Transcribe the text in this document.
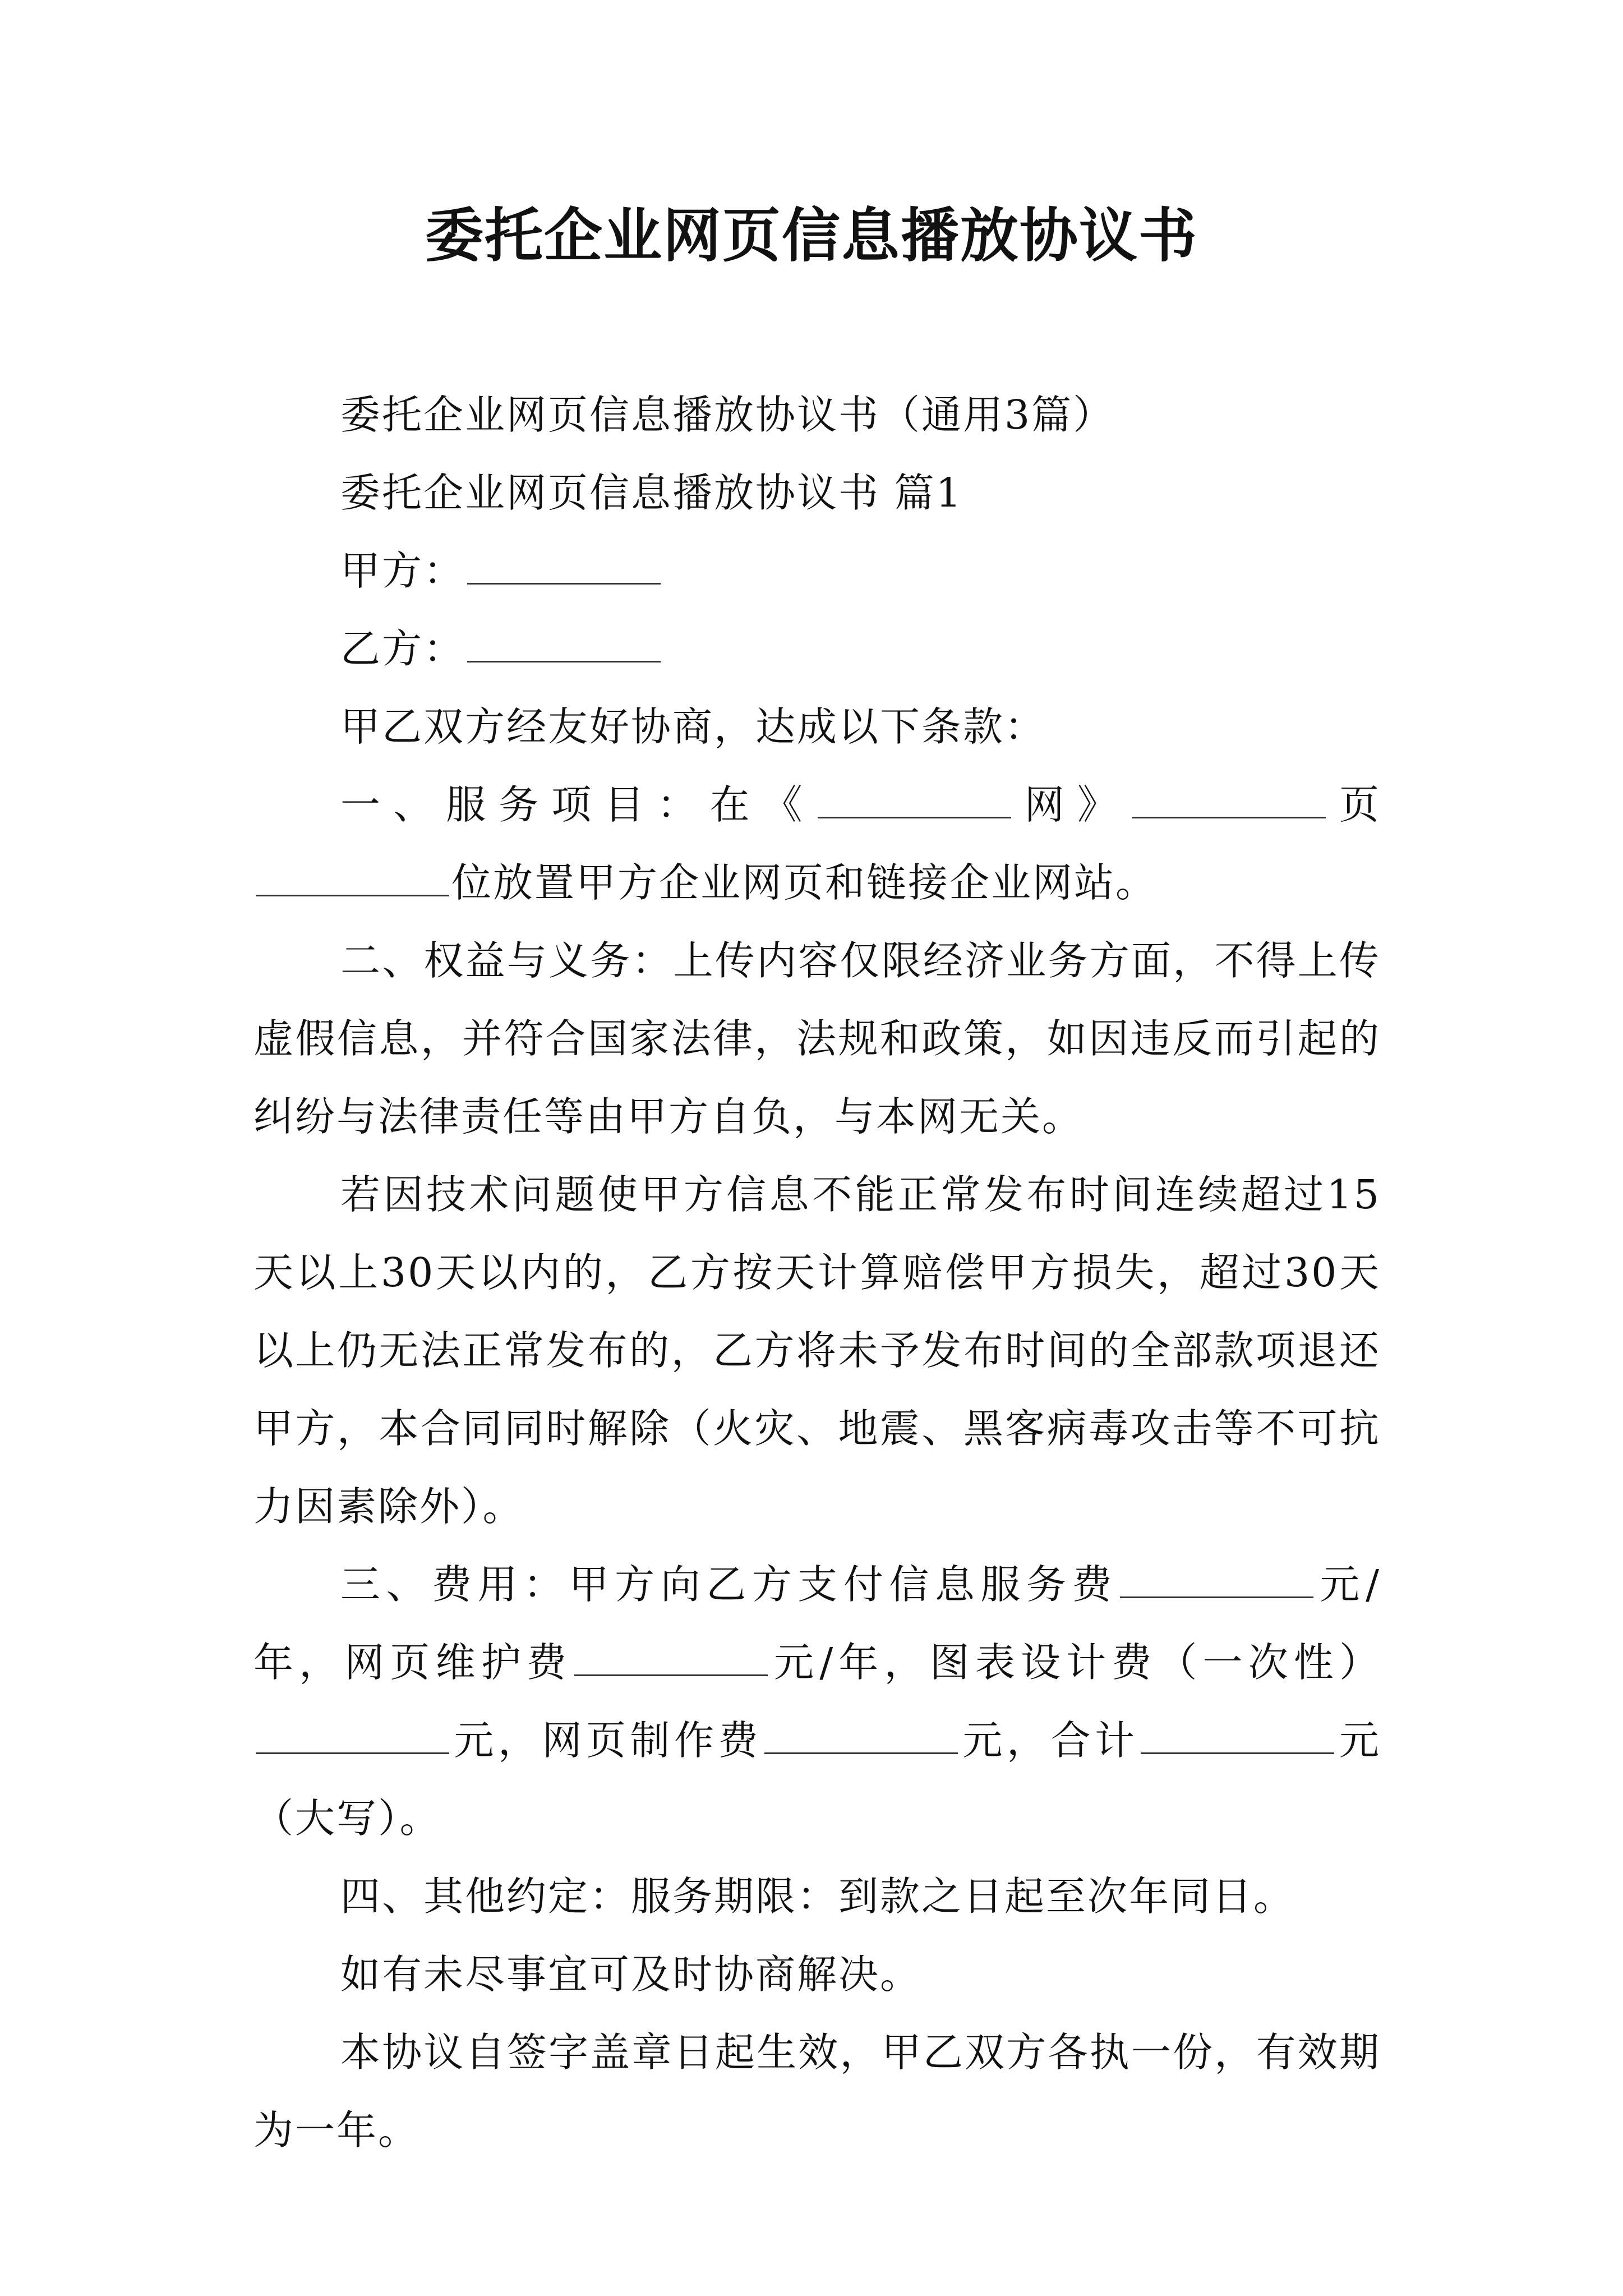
委托企业网页信息播放协议书

委托企业网页信息播放协议书（通用3篇）

委托企业网页信息播放协议书 篇1

甲方：

乙方：

甲乙双方经友好协商，达成以下条款：

一、服务项目：在《	网》	页位放置甲方企业网页和链接企业网站。

二、权益与义务：上传内容仅限经济业务方面，不得上传虚假信息，并符合国家法律，法规和政策，如因违反而引起的纠纷与法律责任等由甲方自负，与本网无关。

若因技术问题使甲方信息不能正常发布时间连续超过15天以上30天以内的，乙方按天计算赔偿甲方损失，超过30天以上仍无法正常发布的，乙方将未予发布时间的全部款项退还甲方，本合同同时解除（火灾、地震、黑客病毒攻击等不可抗力因素除外）。

三、费用：甲方向乙方支付信息服务费	元/年，网页维护费	元/年，图表设计费（一次性）元，网页制作费	元，合计	元（大写）。

四、其他约定：服务期限：到款之日起至次年同日。

如有未尽事宜可及时协商解决。

本协议自签字盖章日起生效，甲乙双方各执一份，有效期为一年。
